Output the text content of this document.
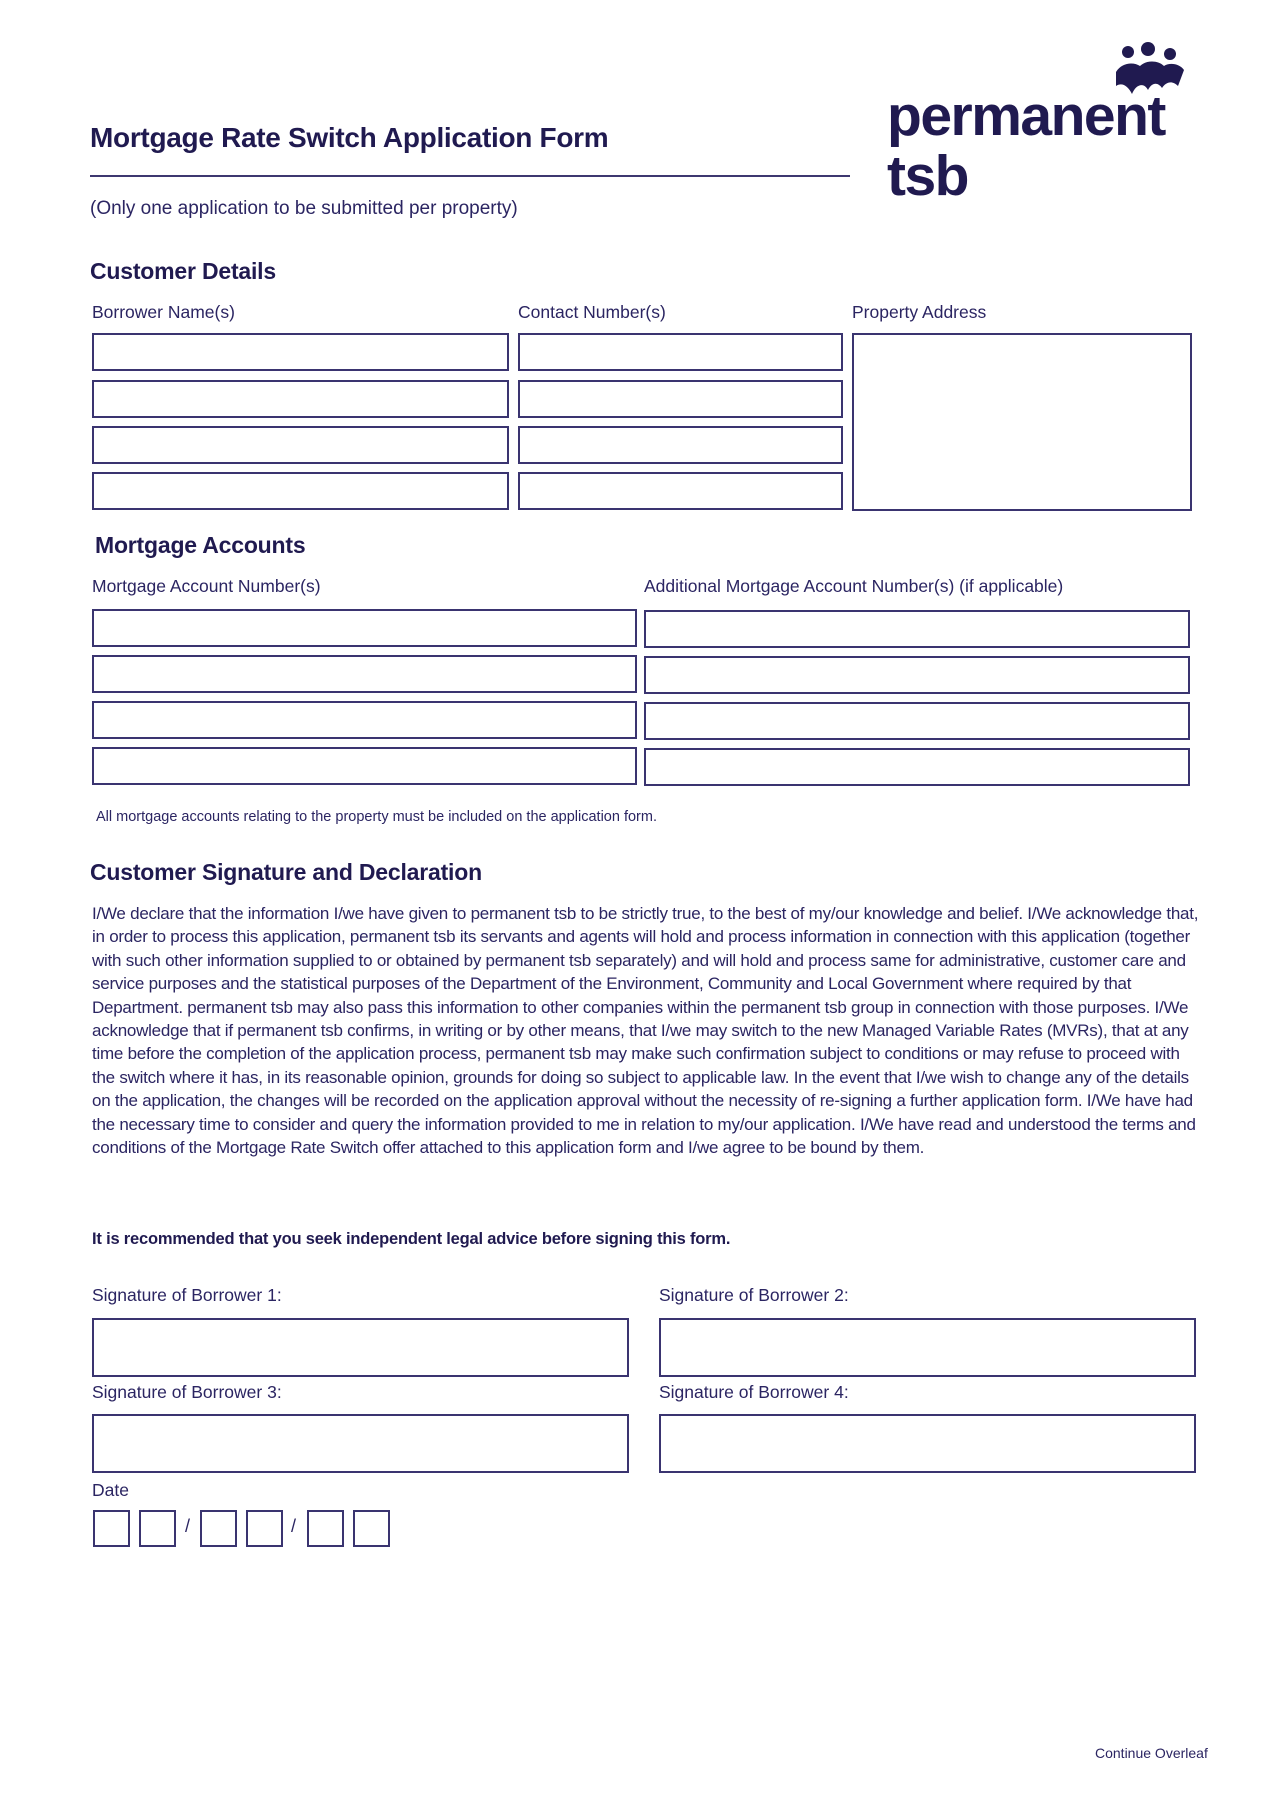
Mortgage Rate Switch Application Form
(Only one application to be submitted per property)
permanent tsb
Customer Details
Borrower Name(s)	Contact Number(s)	Property Address
Mortgage Accounts
Mortgage Account Number(s)	Additional Mortgage Account Number(s) (if applicable)
All mortgage accounts relating to the property must be included on the application form.
Customer Signature and Declaration
I/We declare that the information I/we have given to permanent tsb to be strictly true, to the best of my/our knowledge and belief. I/We acknowledge that, in order to process this application, permanent tsb its servants and agents will hold and process information in connection with this application (together with such other information supplied to or obtained by permanent tsb separately) and will hold and process same for administrative, customer care and service purposes and the statistical purposes of the Department of the Environment, Community and Local Government where required by that Department. permanent tsb may also pass this information to other companies within the permanent tsb group in connection with those purposes. I/We acknowledge that if permanent tsb confirms, in writing or by other means, that I/we may switch to the new Managed Variable Rates (MVRs), that at any time before the completion of the application process, permanent tsb may make such confirmation subject to conditions or may refuse to proceed with the switch where it has, in its reasonable opinion, grounds for doing so subject to applicable law. In the event that I/we wish to change any of the details on the application, the changes will be recorded on the application approval without the necessity of re-signing a further application form. I/We have had the necessary time to consider and query the information provided to me in relation to my/our application. I/We have read and understood the terms and conditions of the Mortgage Rate Switch offer attached to this application form and I/we agree to be bound by them.
It is recommended that you seek independent legal advice before signing this form.
Signature of Borrower 1:	Signature of Borrower 2:
Signature of Borrower 3:	Signature of Borrower 4:
Date
/	/
Continue Overleaf
